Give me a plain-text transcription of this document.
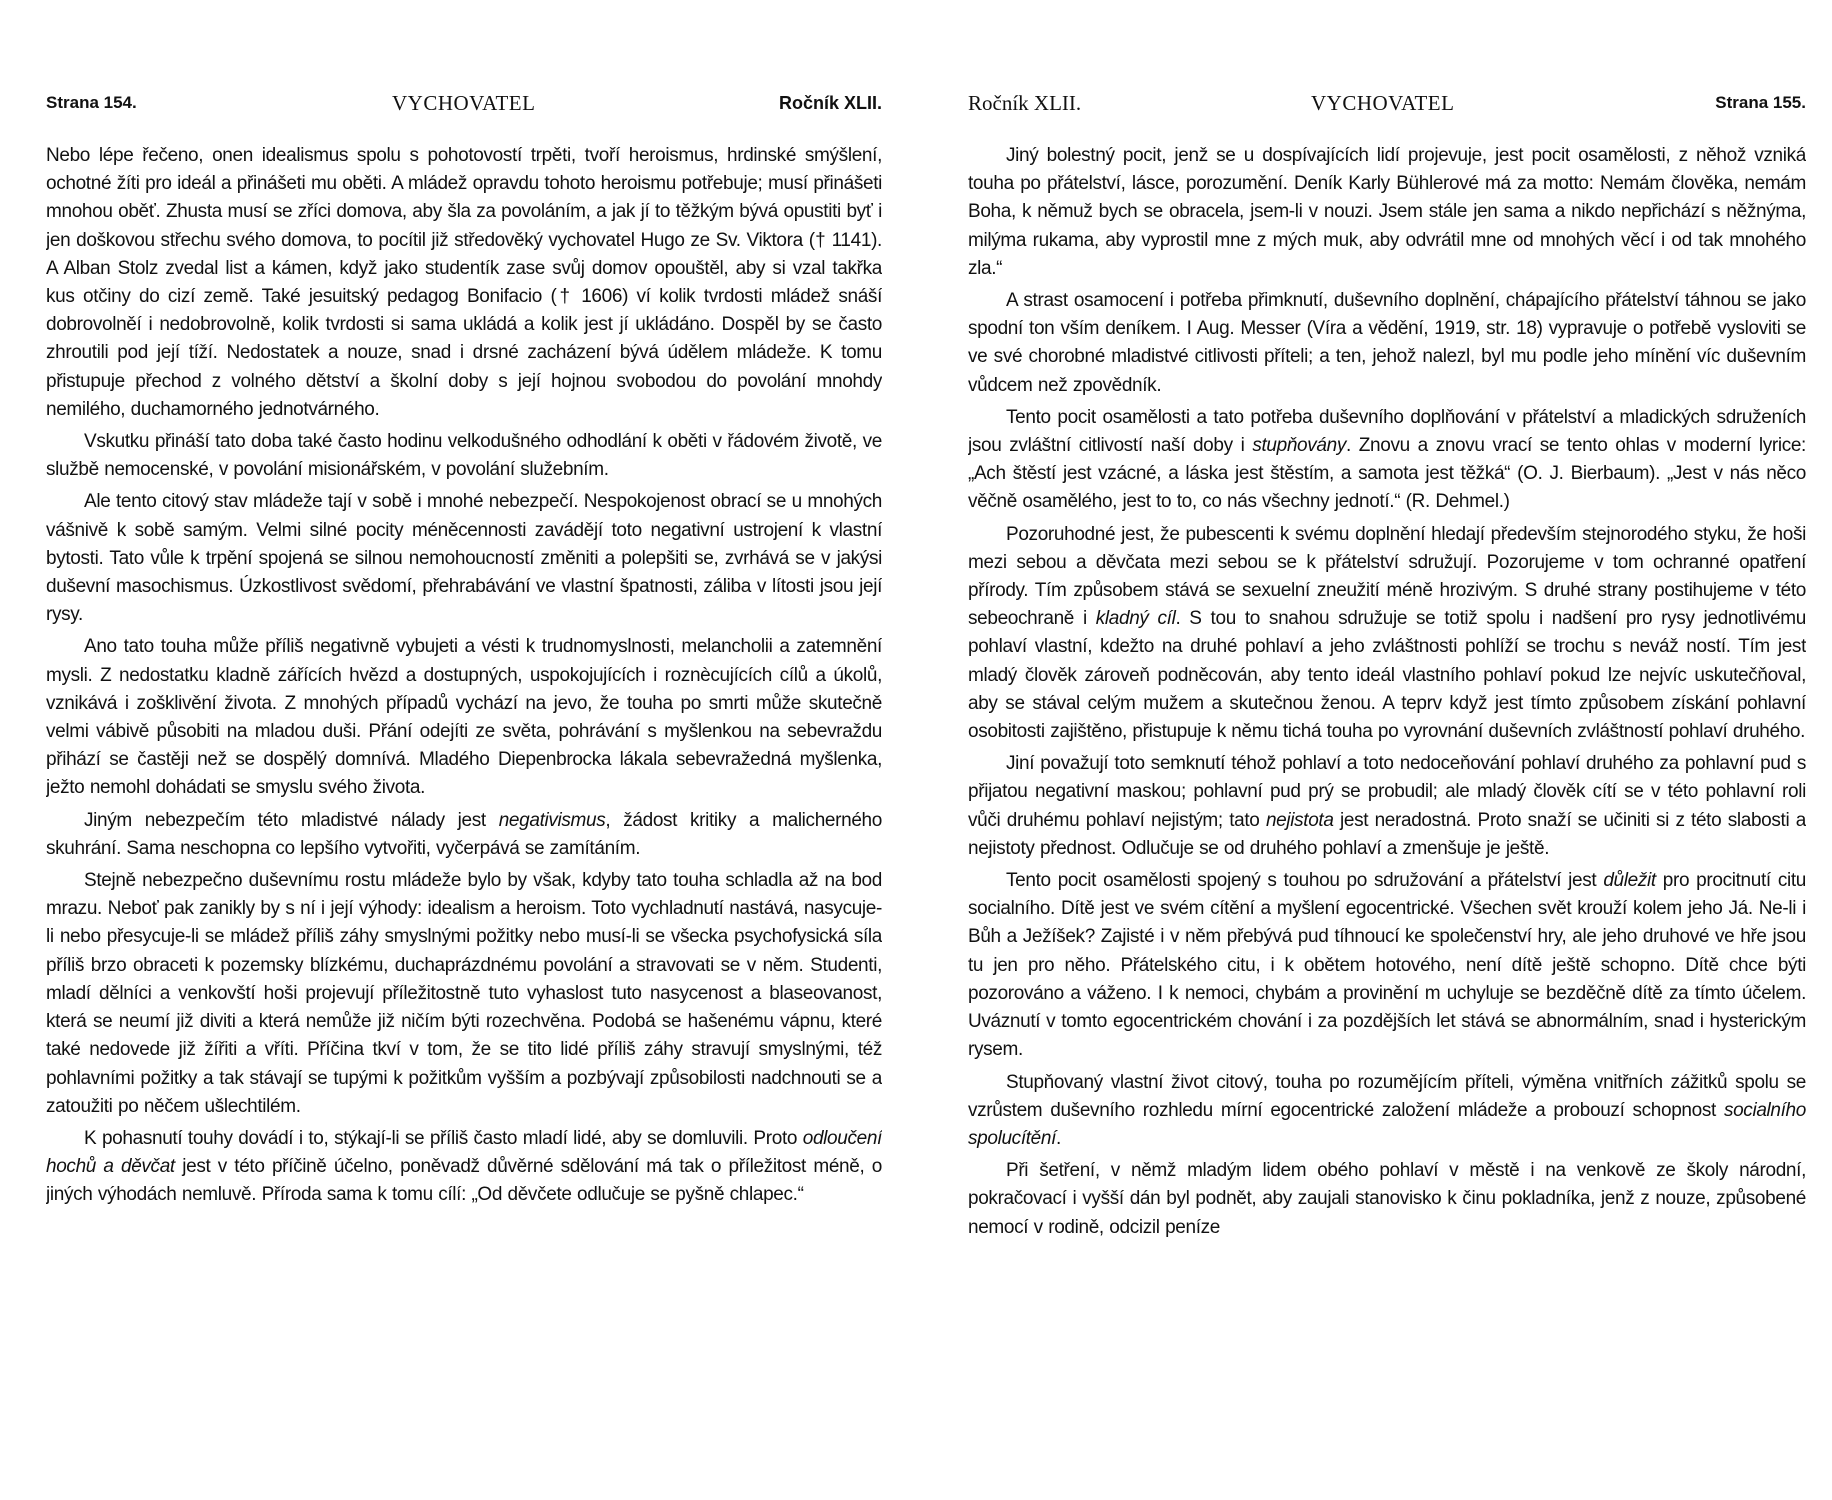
Strana 154.	VYCHOVATEL	Ročník XLII.

Nebo lépe řečeno, onen idealismus spolu s pohotovostí trpěti, tvoří heroismus, hrdinské smýšlení, ochotné žíti pro ideál a přinášeti mu oběti. A mládež opravdu tohoto heroismu potřebuje; musí přinášeti mnohou oběť. Zhusta musí se zříci domova, aby šla za povoláním, a jak jí to těžkým bývá opustiti byť i jen doškovou střechu svého domova, to pocítil již středověký vychovatel Hugo ze Sv. Viktora († 1141). A Alban Stolz zvedal list a kámen, když jako studentík zase svůj domov opouštěl, aby si vzal takřka kus otčiny do cizí země. Také jesuitský pedagog Bonifacio († 1606) ví kolik tvrdosti mládež snáší dobrovolněí i nedobrovolně, kolik tvrdosti si sama ukládá a kolik jest jí ukládáno. Dospěl by se často zhroutili pod její tíží. Nedostatek a nouze, snad i drsné zacházení bývá údělem mládeže. K tomu přistupuje přechod z volného dětství a školní doby s její hojnou svobodou do povolání mnohdy nemilého, duchamorného jednotvárného.

Vskutku přináší tato doba také často hodinu velkodušného odhodlání k oběti v řádovém životě, ve službě nemocenské, v povolání misionářském, v povolání služebním.

Ale tento citový stav mládeže tají v sobě i mnohé nebezpečí. Nespokojenost obrací se u mnohých vášnivě k sobě samým. Velmi silné pocity méněcennosti zavádějí toto negativní ustrojení k vlastní bytosti. Tato vůle k trpění spojená se silnou nemohoucností změniti a polepšiti se, zvrhává se v jakýsi duševní masochismus. Úzkostlivost svědomí, přehrabávání ve vlastní špatnosti, záliba v lítosti jsou její rysy.

Ano tato touha může příliš negativně vybujeti a vésti k trudnomyslnosti, melancholii a zatemnění mysli. Z nedostatku kladně zářících hvězd a dostupných, uspokojujících i roznècujících cílů a úkolů, vznikává i zošklivění života. Z mnohých případů vychází na jevo, že touha po smrti může skutečně velmi vábivě působiti na mladou duši. Přání odejíti ze světa, pohrávání s myšlenkou na sebevraždu přihází se častěji než se dospělý domnívá. Mladého Diepenbrocka lákala sebevražedná myšlenka, ježto nemohl dohádati se smyslu svého života.

Jiným nebezpečím této mladistvé nálady jest negativismus, žádost kritiky a malicherného skuhrání. Sama neschopna co lepšího vytvořiti, vyčerpává se zamítáním.

Stejně nebezpečno duševnímu rostu mládeže bylo by však, kdyby tato touha schladla až na bod mrazu. Neboť pak zanikly by s ní i její výhody: idealism a heroism. Toto vychladnutí nastává, nasycuje-li nebo přesycuje-li se mládež příliš záhy smyslnými požitky nebo musí-li se všecka psychofysická síla příliš brzo obraceti k pozemsky blízkému, duchaprázdnému povolání a stravovati se v něm. Studenti, mladí dělníci a venkovští hoši projevují příležitostně tuto vyhaslost tuto nasycenost a blaseovanost, která se neumí již diviti a která nemůže již ničím býti rozechvěna. Podobá se hašenému vápnu, které také nedovede již žířiti a vříti. Příčina tkví v tom, že se tito lidé příliš záhy stravují smyslnými, též pohlavními požitky a tak stávají se tupými k požitkům vyšším a pozbývají způsobilosti nadchnouti se a zatoužiti po něčem ušlechtilém.

K pohasnutí touhy dovádí i to, stýkají-li se příliš často mladí lidé, aby se domluvili. Proto odloučení hochů a děvčat jest v této příčině účelno, poněvadž důvěrné sdělování má tak o příležitost méně, o jiných výhodách nemluvě. Příroda sama k tomu cílí: „Od děvčete odlučuje se pyšně chlapec.“

Ročník XLII.	VYCHOVATEL	Strana 155.

Jiný bolestný pocit, jenž se u dospívajících lidí projevuje, jest pocit osamělosti, z něhož vzniká touha po přátelství, lásce, porozumění. Deník Karly Bühlerové má za motto: Nemám člověka, nemám Boha, k němuž bych se obracela, jsem-li v nouzi. Jsem stále jen sama a nikdo nepřichází s něžnýma, milýma rukama, aby vyprostil mne z mých muk, aby odvrátil mne od mnohých věcí i od tak mnohého zla.“

A strast osamocení i potřeba přimknutí, duševního doplnění, chápajícího přátelství táhnou se jako spodní ton vším deníkem. I Aug. Messer (Víra a vědění, 1919, str. 18) vypravuje o potřebě vysloviti se ve své chorobné mladistvé citlivosti příteli; a ten, jehož nalezl, byl mu podle jeho mínění víc duševním vůdcem než zpovědník.

Tento pocit osamělosti a tato potřeba duševního doplňování v přátelství a mladických sdruženích jsou zvláštní citlivostí naší doby i stupňovány. Znovu a znovu vrací se tento ohlas v moderní lyrice: „Ach štěstí jest vzácné, a láska jest štěstím, a samota jest těžká“ (O. J. Bierbaum). „Jest v nás něco věčně osamělého, jest to to, co nás všechny jednotí.“ (R. Dehmel.)

Pozoruhodné jest, že pubescenti k svému doplnění hledají především stejnorodého styku, že hoši mezi sebou a děvčata mezi sebou se k přátelství sdružují. Pozorujeme v tom ochranné opatření přírody. Tím způsobem stává se sexuelní zneužití méně hrozivým. S druhé strany postihujeme v této sebeochraně i kladný cíl. S tou to snahou sdružuje se totiž spolu i nadšení pro rysy jednotlivému pohlaví vlastní, kdežto na druhé pohlaví a jeho zvláštnosti pohlíží se trochu s neváž ností. Tím jest mladý člověk zároveň podněcován, aby tento ideál vlastního pohlaví pokud lze nejvíc uskutečňoval, aby se stával celým mužem a skutečnou ženou. A teprv když jest tímto způsobem získání pohlavní osobitosti zajištěno, přistupuje k němu tichá touha po vyrovnání duševních zvláštností pohlaví druhého.

Jiní považují toto semknutí téhož pohlaví a toto nedoceňování pohlaví druhého za pohlavní pud s přijatou negativní maskou; pohlavní pud prý se probudil; ale mladý člověk cítí se v této pohlavní roli vůči druhému pohlaví nejistým; tato nejistota jest neradostná. Proto snaží se učiniti si z této slabosti a nejistoty přednost. Odlučuje se od druhého pohlaví a zmenšuje je ještě.

Tento pocit osamělosti spojený s touhou po sdružování a přátelství jest důležit pro procitnutí citu socialního. Dítě jest ve svém cítění a myšlení egocentrické. Všechen svět krouží kolem jeho Já. Ne-li i Bůh a Ježíšek? Zajisté i v něm přebývá pud tíhnoucí ke společenství hry, ale jeho druhové ve hře jsou tu jen pro něho. Přátelského citu, i k obětem hotového, není dítě ještě schopno. Dítě chce býti pozorováno a váženo. I k nemoci, chybám a provinění m uchyluje se bezděčně dítě za tímto účelem. Uváznutí v tomto egocentrickém chování i za pozdějších let stává se abnormálním, snad i hysterickým rysem.

Stupňovaný vlastní život citový, touha po rozumějícím příteli, výměna vnitřních zážitků spolu se vzrůstem duševního rozhledu mírní egocentrické založení mládeže a probouzí schopnost socialního spolucítění.

Při šetření, v němž mladým lidem obého pohlaví v městě i na venkově ze školy národní, pokračovací i vyšší dán byl podnět, aby zaujali stanovisko k činu pokladníka, jenž z nouze, způsobené nemocí v rodině, odcizil peníze
